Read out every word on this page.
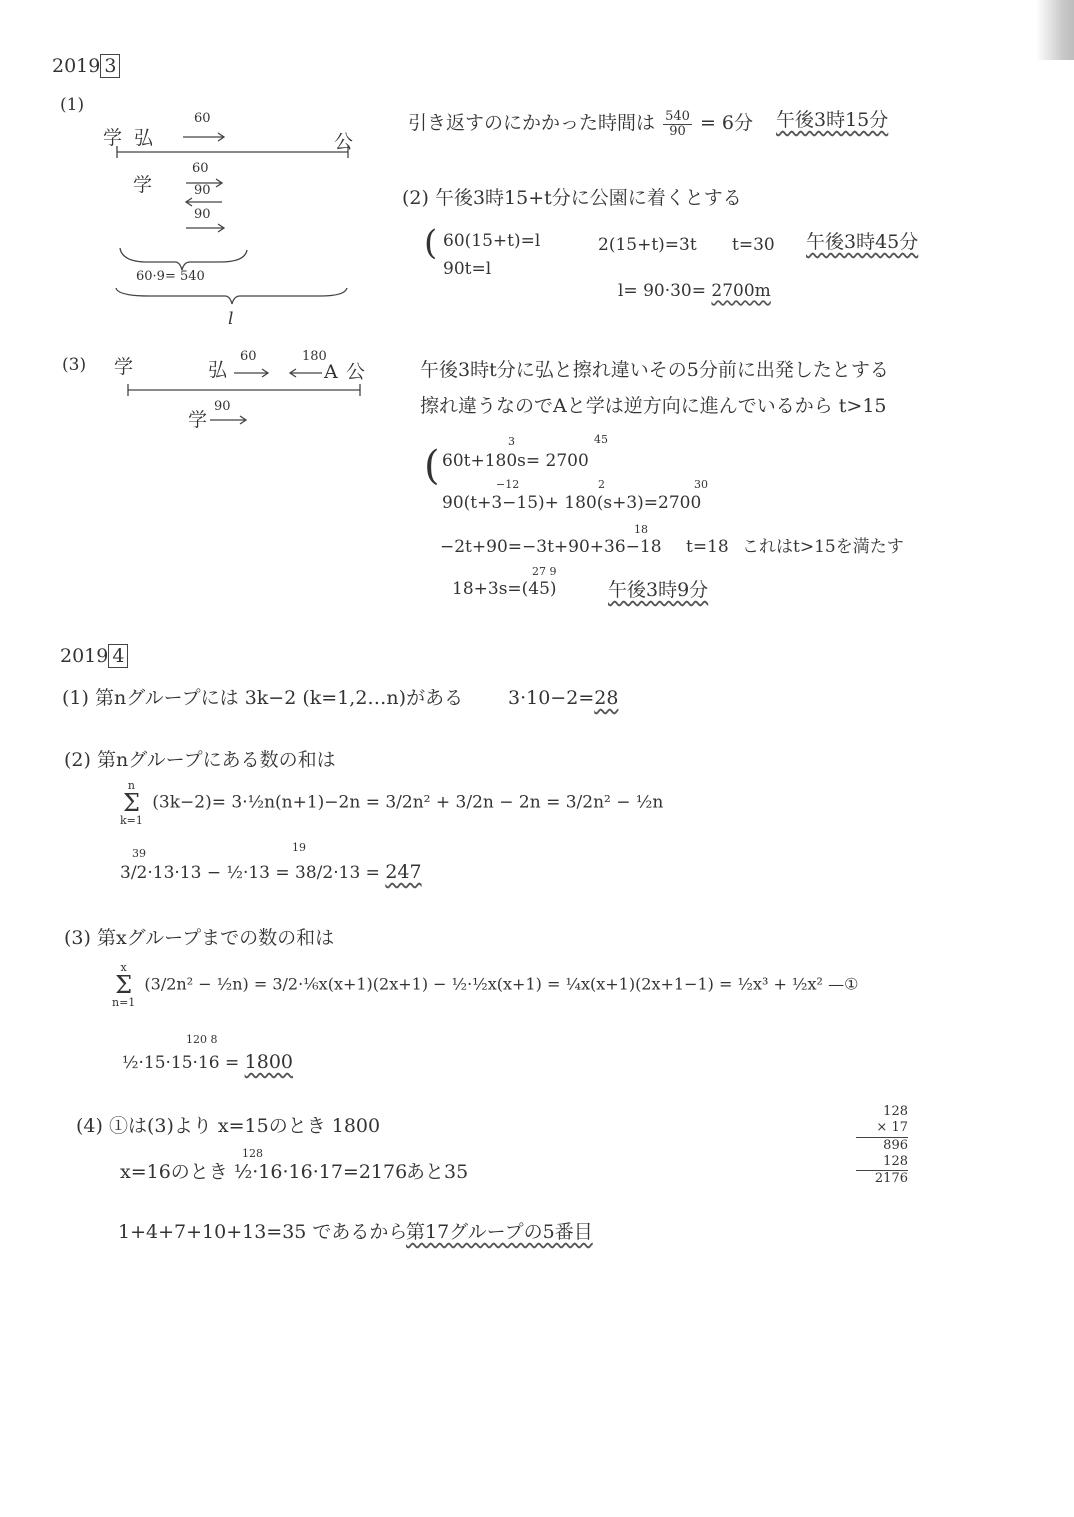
2019 3
(1)
学 弘
60
公
学
60
90
90
60·9= 540
l
引き返すのにかかった時間は $\frac{540}{90} = 6$分 午後3時15分
(2) 午後3時15+t分に公園に着くとする
( 60(15+t)=l
90t=l
2(15+t)=3t t=30 午後3時45分
l= 90·30= 2700m
(3) 学	弘
60	180
A 公
学
90
午後3時t分に弘と擦れ違いその5分前に出発したとする
擦れ違うなのでAと学は逆方向に進んでいるから t>15
(
3	45
60t+180s= 2700
−12	2	30
90(t+3−15)+ 180(s+3)=2700
18
−2t+90=−3t+90+36−18 t=18 これはt>15を満たす
27 9
18+3s=(45)	午後3時9分
2019 4
(1) 第nグループには 3k−2 (k=1,2…n)がある 3·10−2=28
(2) 第nグループにある数の和は
n
Σ
k=1
(3k−2)= 3·½n(n+1)−2n = 3/2n² + 3/2n − 2n = 3/2n² − ½n
39	19
3/2·13·13 − ½·13 = 38/2·13 = 247
(3) 第xグループまでの数の和は
x
Σ
n=1
(3/2n² − ½n) = 3/2·⅙x(x+1)(2x+1) − ½·½x(x+1) = ¼x(x+1)(2x+1−1) = ½x³ + ½x² —①
120 8
½·15·15·16 = 1800
(4) ①は(3)より x=15のとき 1800
128
x=16のとき ½·16·16·17=2176
あと35
1+4+7+10+13=35 であるから
第17グループの5番目
128
× 17
896
128
2176
